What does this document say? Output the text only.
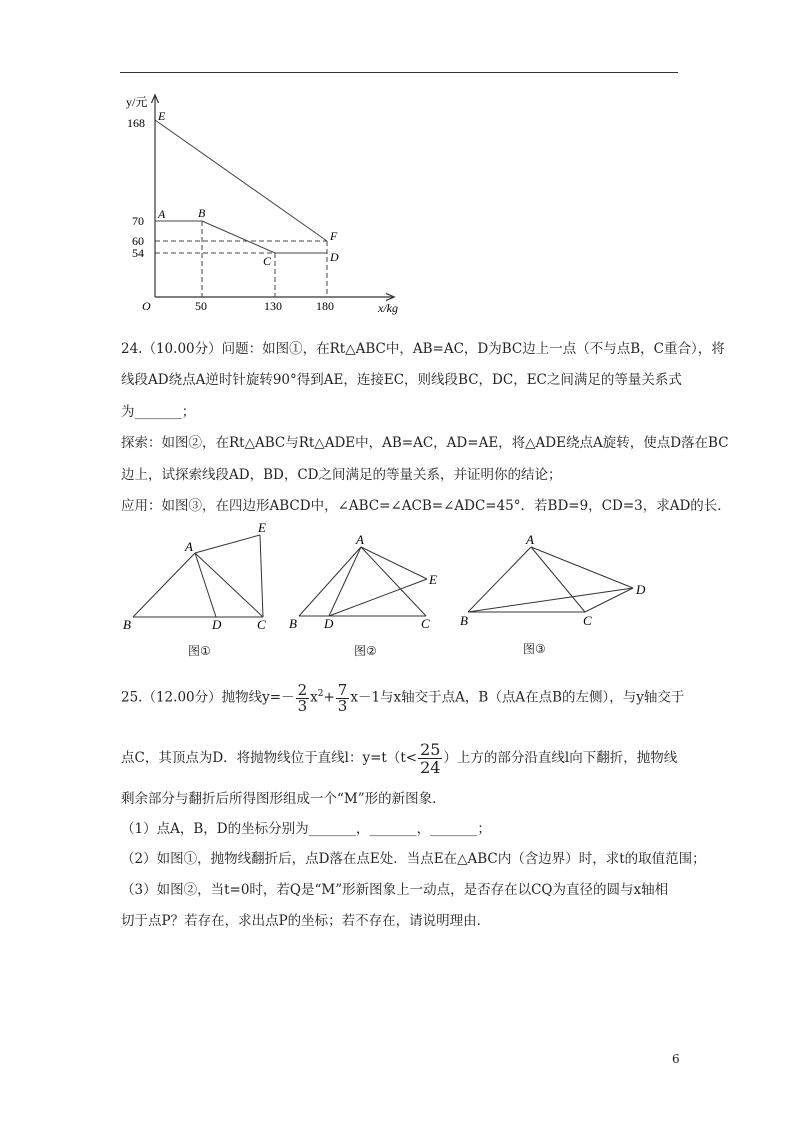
y/元
x/kg
O
168
70
60
54
50	130	180
E
A	B
C	D
F
24.（10.00分）问题：如图①，在Rt△ABC中，AB=AC，D为BC边上一点（不与点B，C重合），将
线段AD绕点A逆时针旋转90°得到AE，连接EC，则线段BC，DC，EC之间满足的等量关系式
为_______；
探索：如图②，在Rt△ABC与Rt△ADE中，AB=AC，AD=AE，将△ADE绕点A旋转，使点D落在BC
边上，试探索线段AD，BD，CD之间满足的等量关系，并证明你的结论；
应用：如图③，在四边形ABCD中，∠ABC=∠ACB=∠ADC=45°．若BD=9，CD=3，求AD的长．
A
B	C
D
E
图①
A
B	C
D
E
图②
A
B	C
D
图③
25.（12.00分）抛物线$y=- \frac{2}{3} x^2+ \frac{7}{3} x-1$与x轴交于点A，B（点A在点B的左侧），与y轴交于
点C，其顶点为D．将抛物线位于直线l：$y=t(t< \frac{25}{24}$ ）上方的部分沿直线l向下翻折，抛物线
剩余部分与翻折后所得图形组成一个“M”形的新图象．
（1）点A，B，D的坐标分别为_______，_______，_______；
（2）如图①，抛物线翻折后，点D落在点E处．当点E在△ABC内（含边界）时，求t的取值范围；
（3）如图②，当t=0时，若Q是“M”形新图象上一动点，是否存在以CQ为直径的圆与x轴相
切于点P？若存在，求出点P的坐标；若不存在，请说明理由．
6
